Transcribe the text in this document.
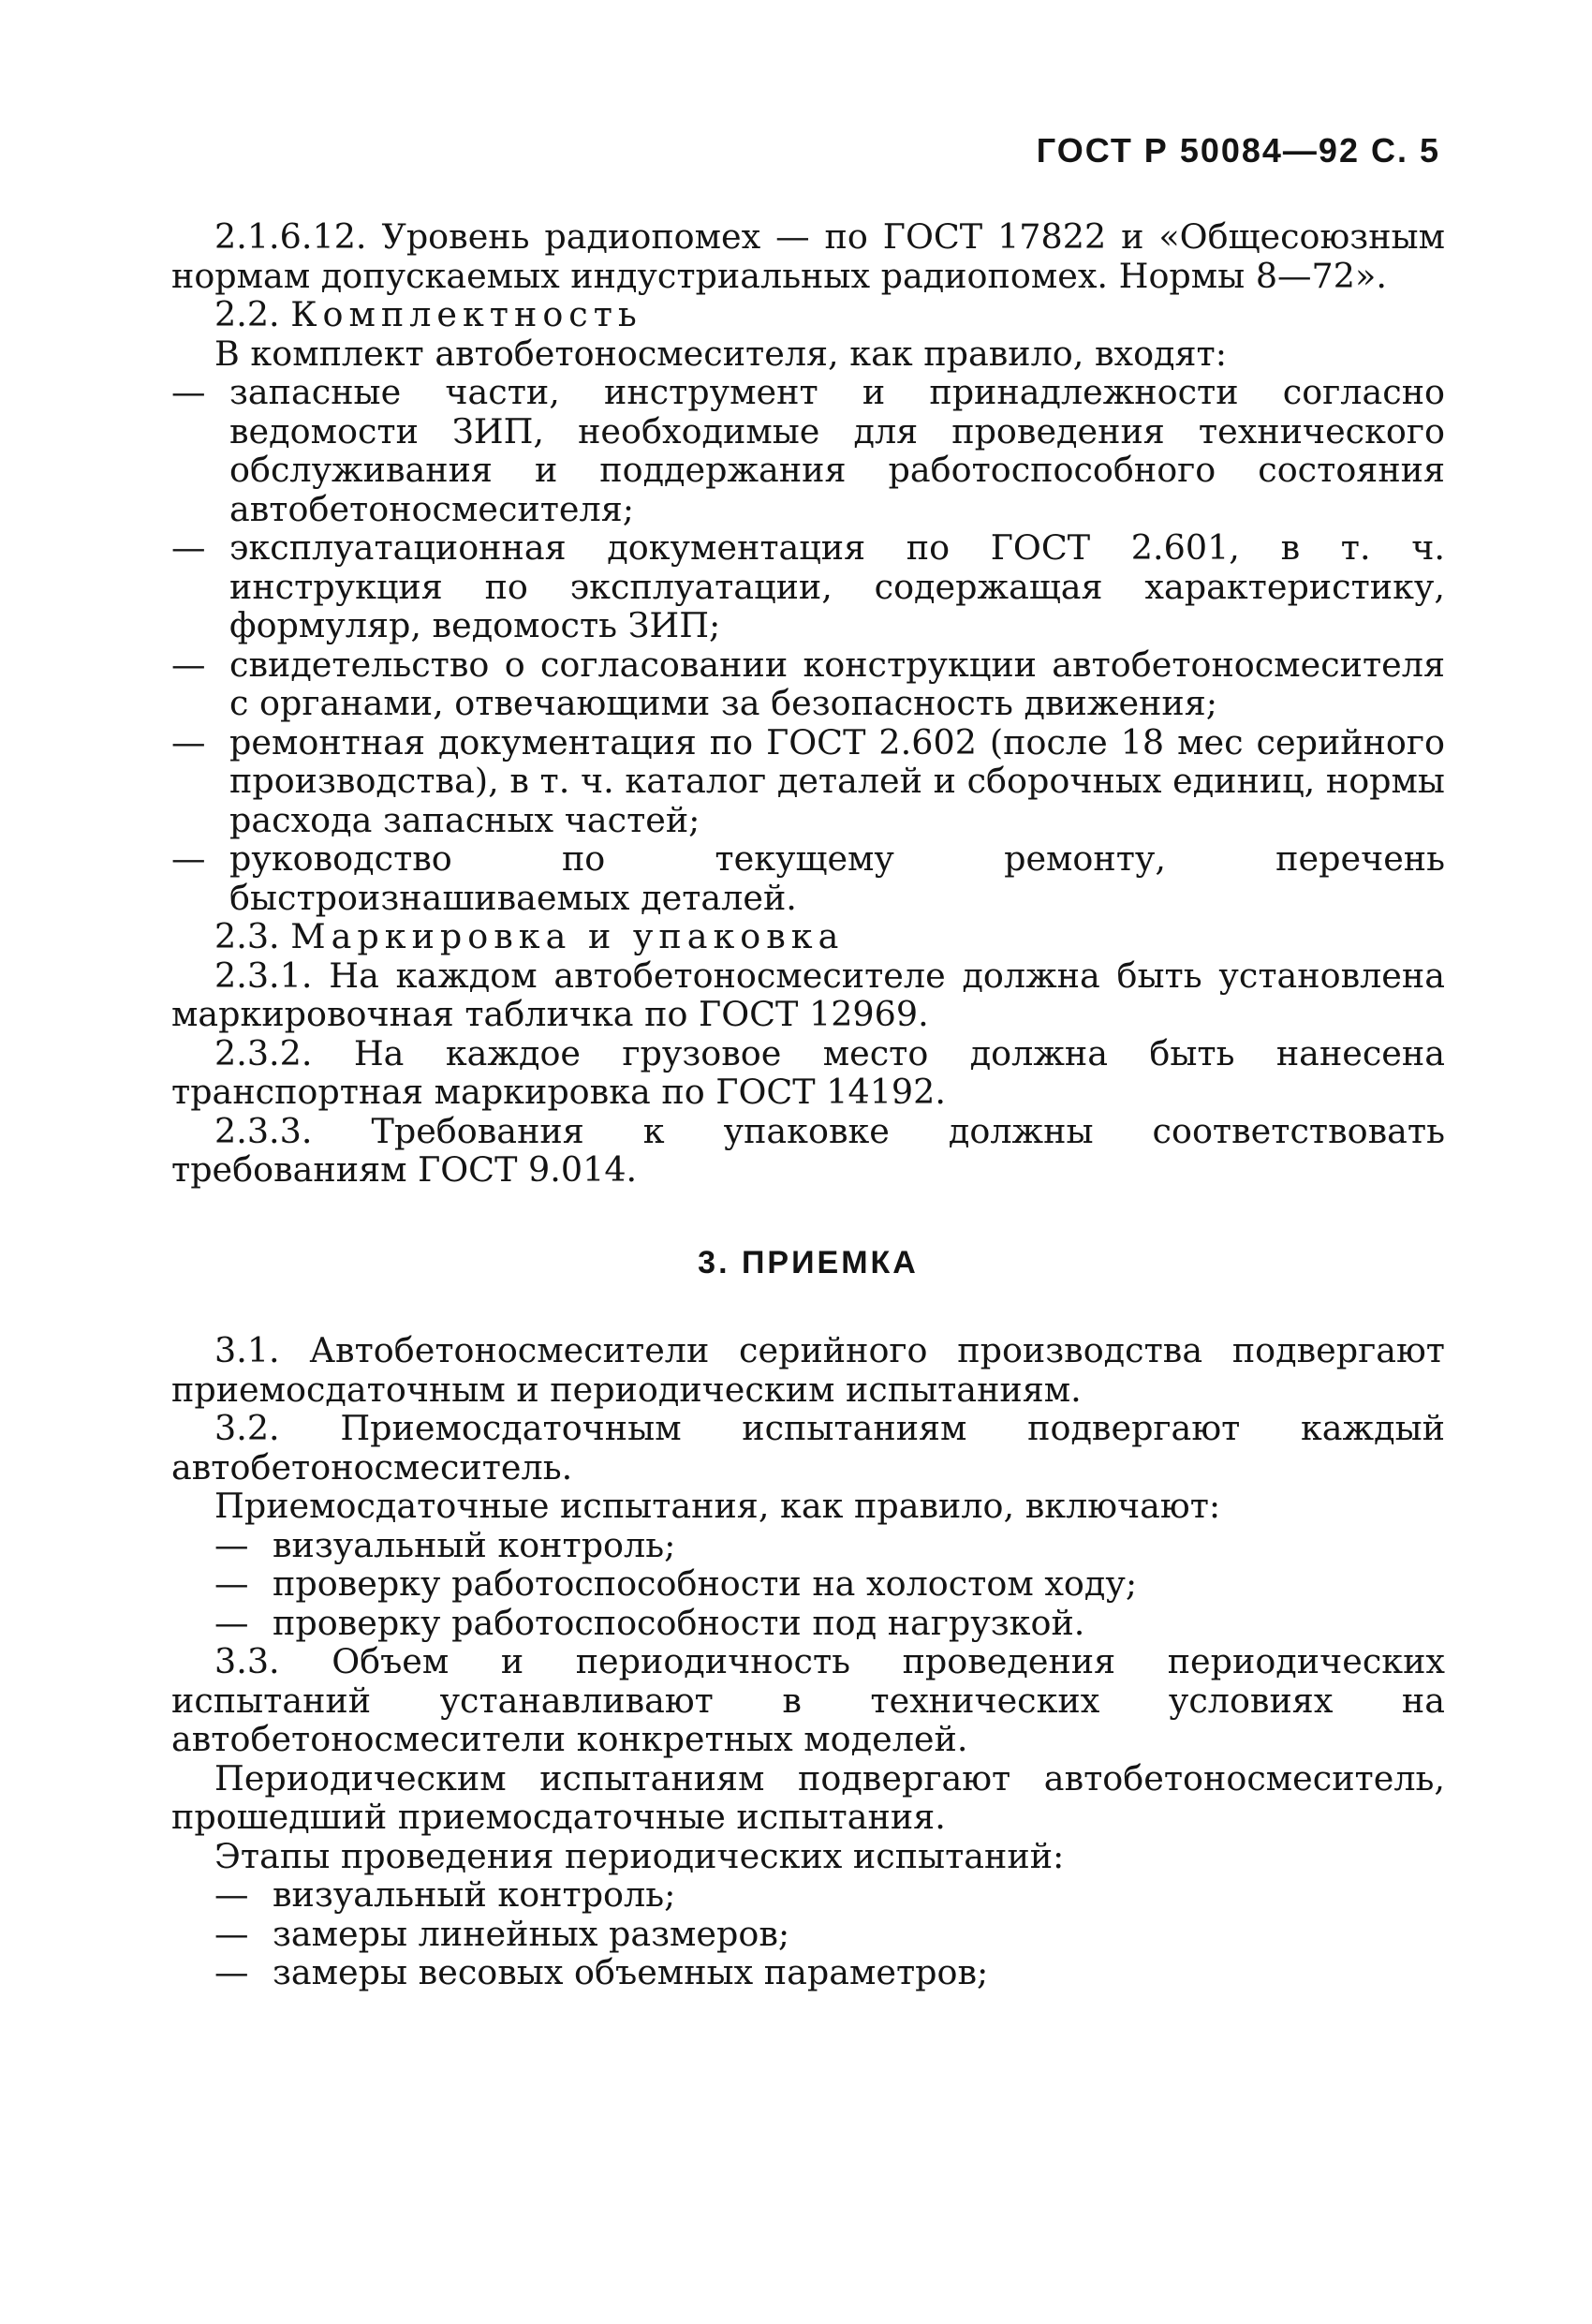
ГОСТ Р 50084—92 С. 5

2.1.6.12. Уровень радиопомех — по ГОСТ 17822 и «Общесоюзным нормам допускаемых индустриальных радиопомех. Нормы 8—72».

2.2. Комплектность

В комплект автобетоносмесителя, как правило, входят:

— запасные части, инструмент и принадлежности согласно ведомости ЗИП, необходимые для проведения технического обслуживания и поддержания работоспособного состояния автобетоносмесителя;

— эксплуатационная документация по ГОСТ 2.601, в т. ч. инструкция по эксплуатации, содержащая характеристику, формуляр, ведомость ЗИП;

— свидетельство о согласовании конструкции автобетоносмесителя с органами, отвечающими за безопасность движения;

— ремонтная документация по ГОСТ 2.602 (после 18 мес серийного производства), в т. ч. каталог деталей и сборочных единиц, нормы расхода запасных частей;

— руководство по текущему ремонту, перечень быстроизнашиваемых деталей.

2.3. Маркировка и упаковка

2.3.1. На каждом автобетоносмесителе должна быть установлена маркировочная табличка по ГОСТ 12969.

2.3.2. На каждое грузовое место должна быть нанесена транспортная маркировка по ГОСТ 14192.

2.3.3. Требования к упаковке должны соответствовать требованиям ГОСТ 9.014.

3. ПРИЕМКА

3.1. Автобетоносмесители серийного производства подвергают приемосдаточным и периодическим испытаниям.

3.2. Приемосдаточным испытаниям подвергают каждый автобетоносмеситель.

Приемосдаточные испытания, как правило, включают:

— визуальный контроль;

— проверку работоспособности на холостом ходу;

— проверку работоспособности под нагрузкой.

3.3. Объем и периодичность проведения периодических испытаний устанавливают в технических условиях на автобетоносмесители конкретных моделей.

Периодическим испытаниям подвергают автобетоносмеситель, прошедший приемосдаточные испытания.

Этапы проведения периодических испытаний:

— визуальный контроль;

— замеры линейных размеров;

— замеры весовых объемных параметров;
